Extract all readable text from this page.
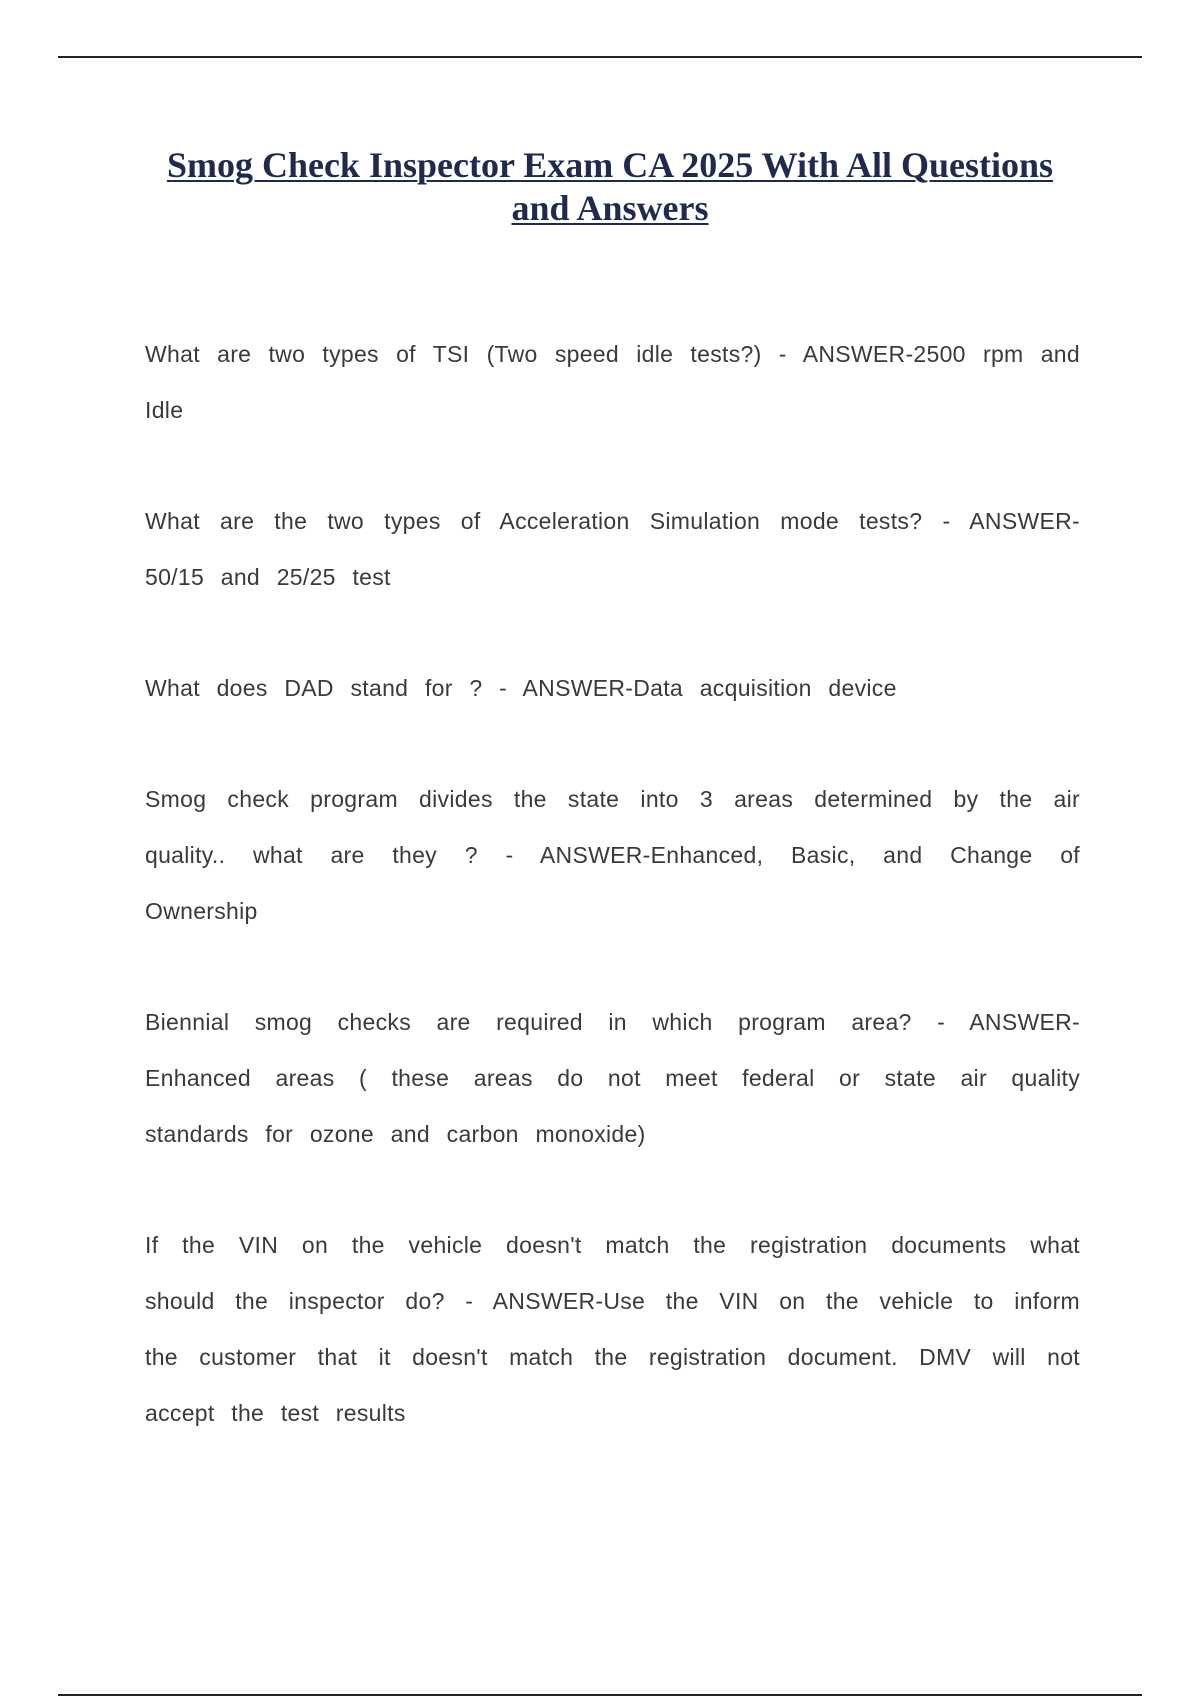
Smog Check Inspector Exam CA 2025 With All Questions and Answers

What are two types of TSI (Two speed idle tests?) - ANSWER-2500 rpm and Idle

What are the two types of Acceleration Simulation mode tests? - ANSWER-50/15 and 25/25 test

What does DAD stand for ? - ANSWER-Data acquisition device

Smog check program divides the state into 3 areas determined by the air quality.. what are they ? - ANSWER-Enhanced, Basic, and Change of Ownership

Biennial smog checks are required in which program area? - ANSWER-Enhanced areas ( these areas do not meet federal or state air quality standards for ozone and carbon monoxide)

If the VIN on the vehicle doesn't match the registration documents what should the inspector do? - ANSWER-Use the VIN on the vehicle to inform the customer that it doesn't match the registration document. DMV will not accept the test results
